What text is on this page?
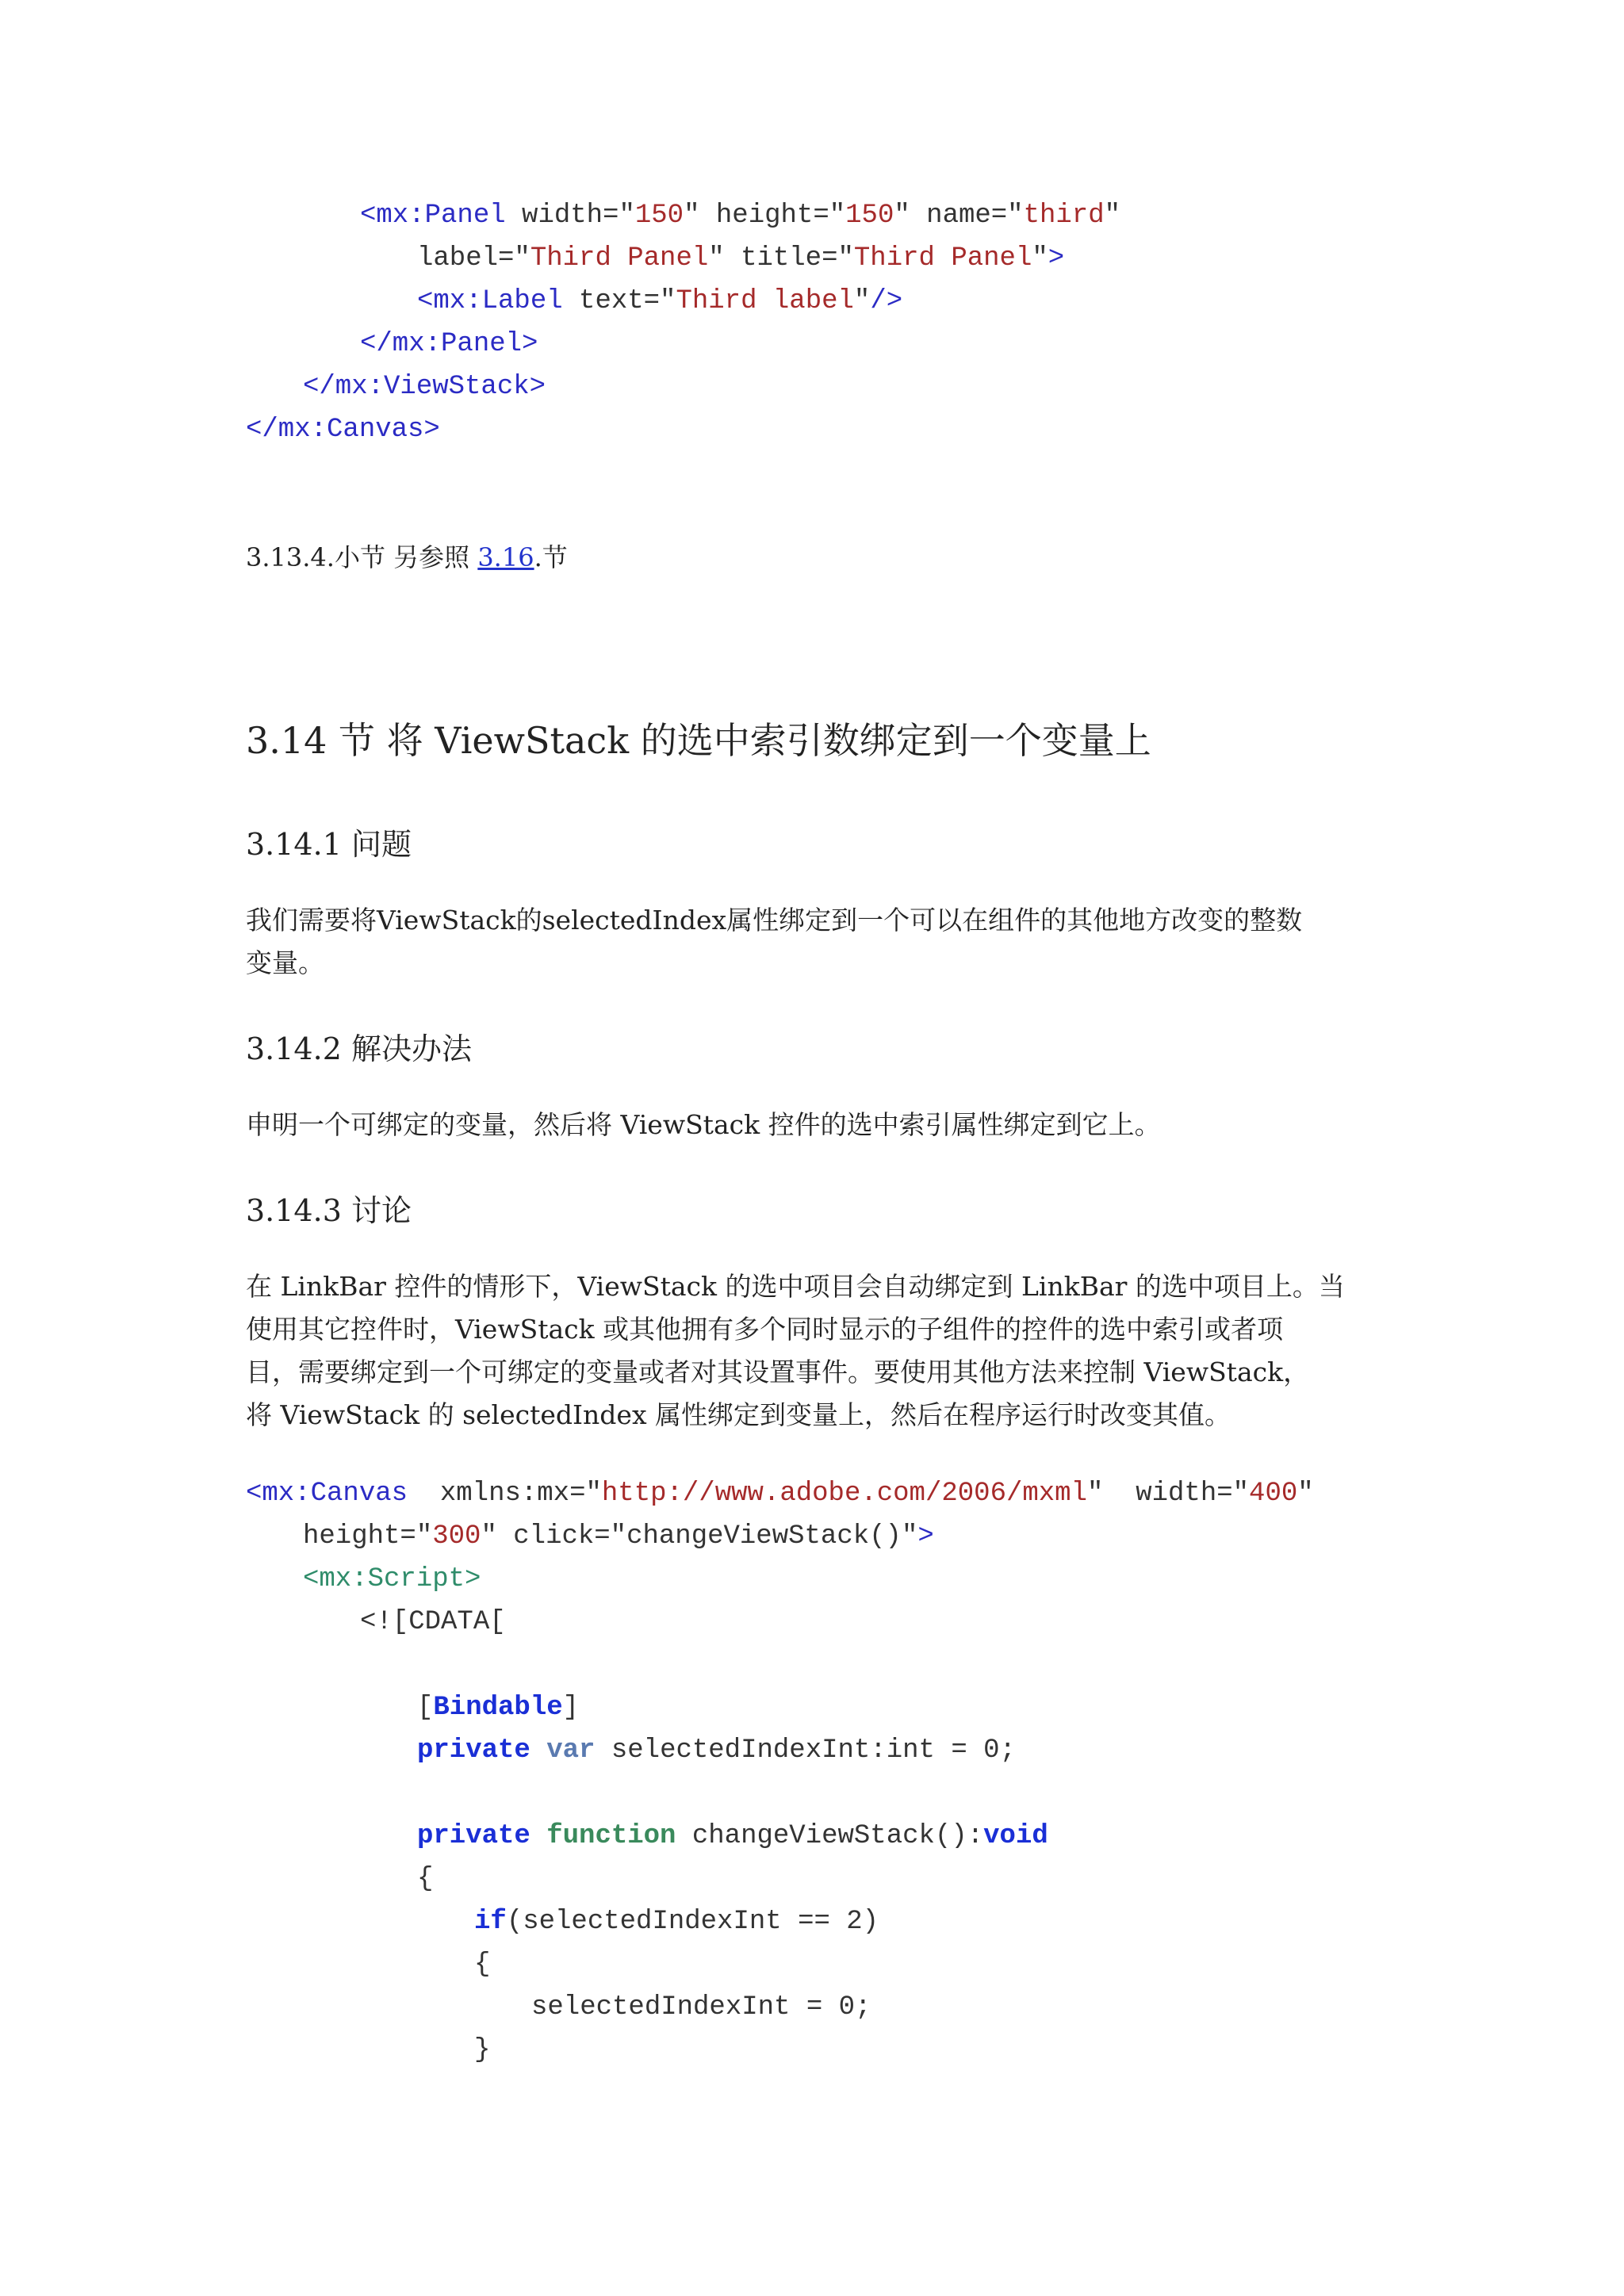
<mx:Panel width="150" height="150" name="third"
label="Third Panel" title="Third Panel">
<mx:Label text="Third label"/>
</mx:Panel>
</mx:ViewStack>
</mx:Canvas>
3.13.4.小节 另参照 3.16.节
3.14 节 将 ViewStack 的选中索引数绑定到一个变量上
3.14.1 问题
我们需要将ViewStack的selectedIndex属性绑定到一个可以在组件的其他地方改变的整数
变量。
3.14.2 解决办法
申明一个可绑定的变量，然后将 ViewStack 控件的选中索引属性绑定到它上。
3.14.3 讨论
在 LinkBar 控件的情形下，ViewStack 的选中项目会自动绑定到 LinkBar 的选中项目上。当
使用其它控件时，ViewStack 或其他拥有多个同时显示的子组件的控件的选中索引或者项
目，需要绑定到一个可绑定的变量或者对其设置事件。要使用其他方法来控制 ViewStack，
将 ViewStack 的 selectedIndex 属性绑定到变量上，然后在程序运行时改变其值。
<mx:Canvas  xmlns:mx="http://www.adobe.com/2006/mxml"  width="400"
height="300" click="changeViewStack()">
<mx:Script>
<![CDATA[
[Bindable]
private var selectedIndexInt:int = 0;
private function changeViewStack():void
{
if(selectedIndexInt == 2)
{
selectedIndexInt = 0;
}
